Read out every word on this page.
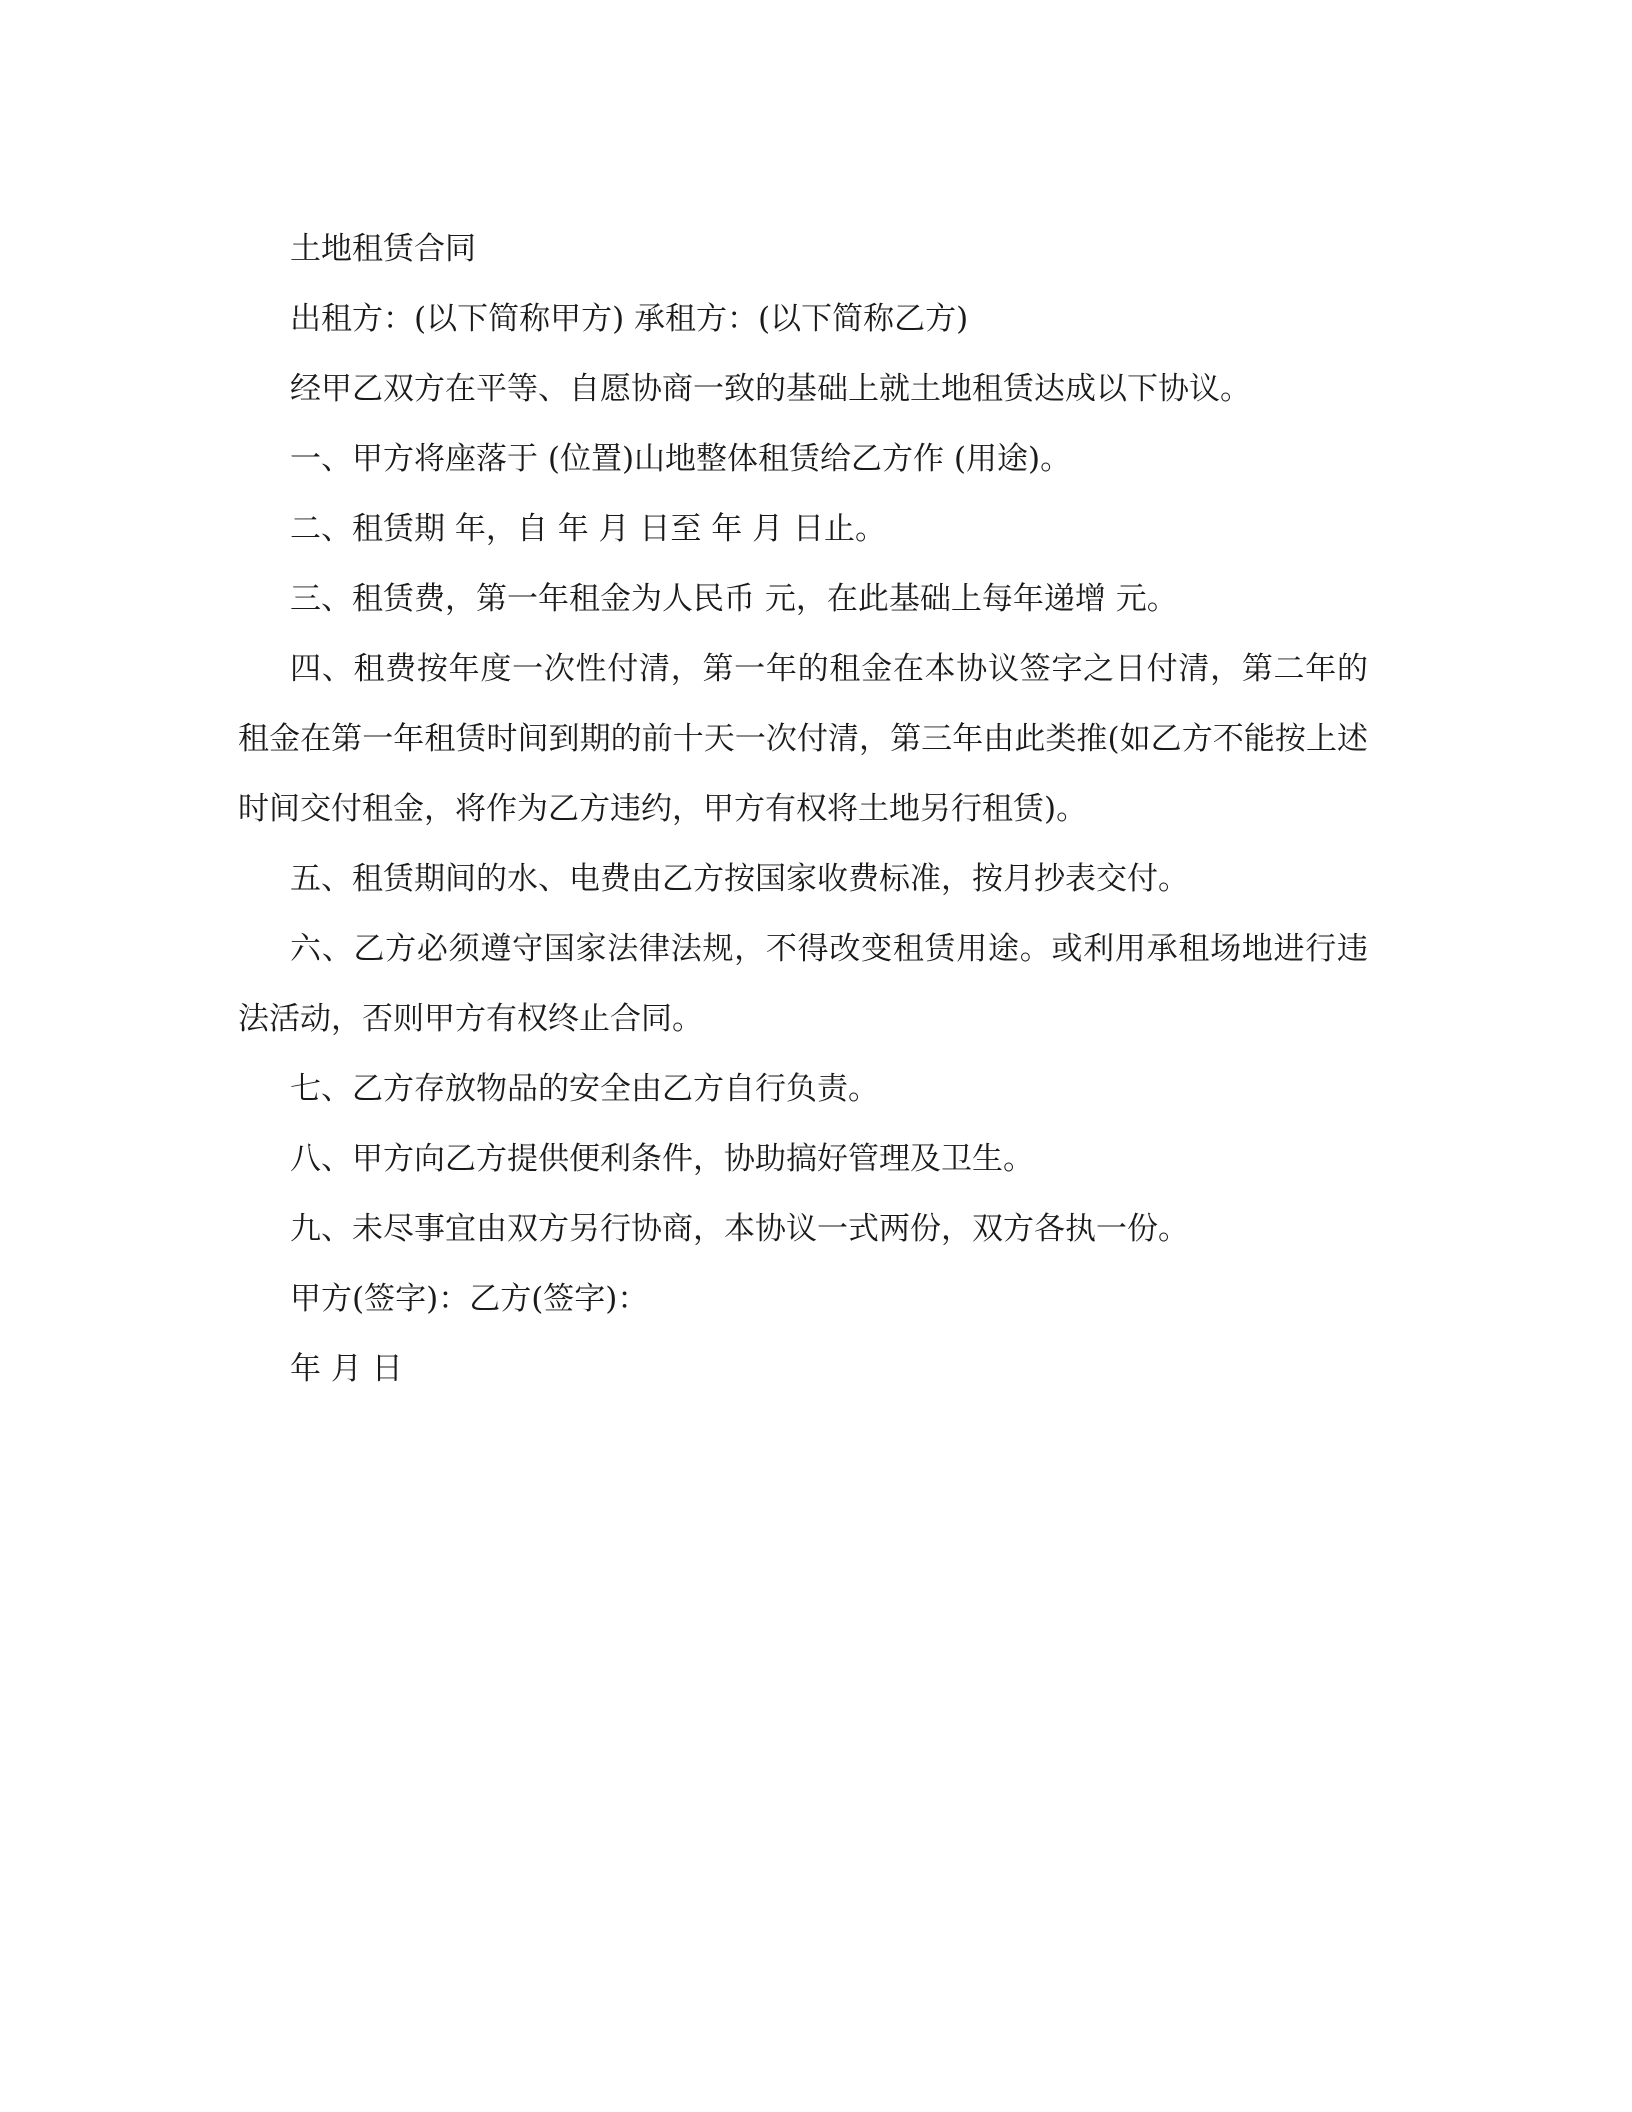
土地租赁合同

出租方：(以下简称甲方) 承租方：(以下简称乙方)

经甲乙双方在平等、自愿协商一致的基础上就土地租赁达成以下协议。

一、甲方将座落于 (位置)山地整体租赁给乙方作 (用途)。

二、租赁期 年，自 年 月 日至 年 月 日止。

三、租赁费，第一年租金为人民币 元，在此基础上每年递增 元。

四、租费按年度一次性付清，第一年的租金在本协议签字之日付清，第二年的租金在第一年租赁时间到期的前十天一次付清，第三年由此类推(如乙方不能按上述时间交付租金，将作为乙方违约，甲方有权将土地另行租赁)。

五、租赁期间的水、电费由乙方按国家收费标准，按月抄表交付。

六、乙方必须遵守国家法律法规，不得改变租赁用途。或利用承租场地进行违法活动，否则甲方有权终止合同。

七、乙方存放物品的安全由乙方自行负责。

八、甲方向乙方提供便利条件，协助搞好管理及卫生。

九、未尽事宜由双方另行协商，本协议一式两份，双方各执一份。

甲方(签字)：乙方(签字)：

年 月 日
